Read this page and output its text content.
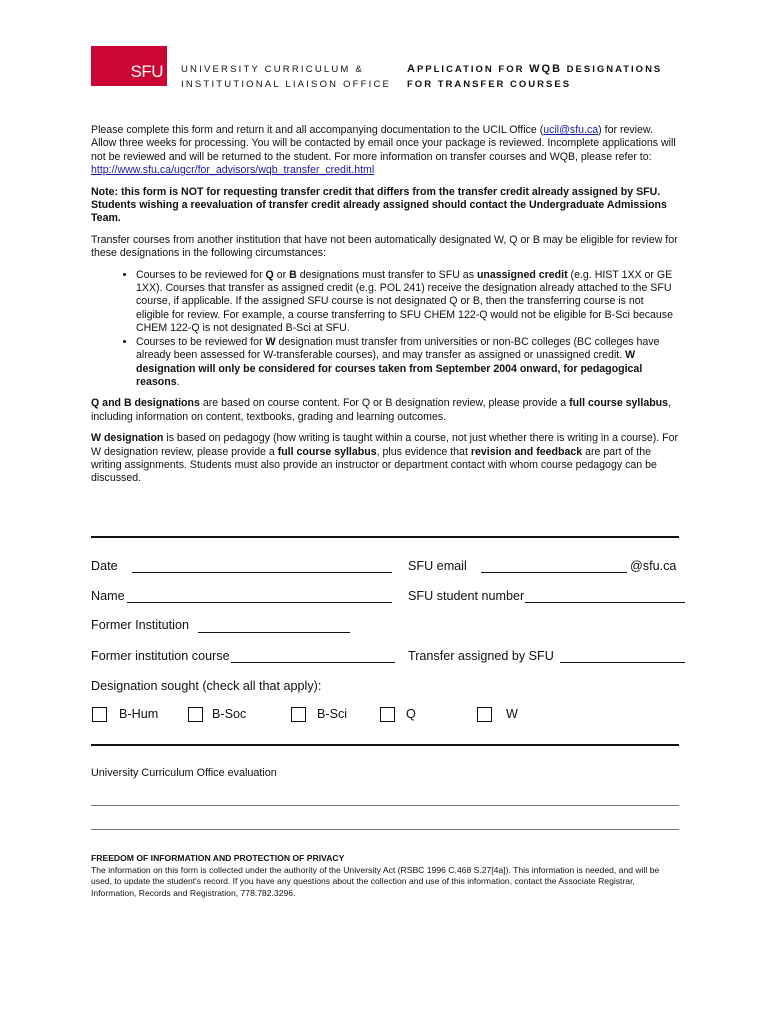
SFU UNIVERSITY CURRICULUM &
INSTITUTIONAL LIAISON OFFICE
APPLICATION FOR WQB DESIGNATIONS
FOR TRANSFER COURSES

Please complete this form and return it and all accompanying documentation to the UCIL Office (ucil@sfu.ca) for review. Allow three weeks for processing. You will be contacted by email once your package is reviewed. Incomplete applications will not be reviewed and will be returned to the student. For more information on transfer courses and WQB, please refer to: http://www.sfu.ca/ugcr/for_advisors/wqb_transfer_credit.html

Note: this form is NOT for requesting transfer credit that differs from the transfer credit already assigned by SFU. Students wishing a reevaluation of transfer credit already assigned should contact the Undergraduate Admissions Team.

Transfer courses from another institution that have not been automatically designated W, Q or B may be eligible for review for these designations in the following circumstances:

• Courses to be reviewed for Q or B designations must transfer to SFU as unassigned credit (e.g. HIST 1XX or GE 1XX). Courses that transfer as assigned credit (e.g. POL 241) receive the designation already attached to the SFU course, if applicable. If the assigned SFU course is not designated Q or B, then the transferring course is not eligible for review. For example, a course transferring to SFU CHEM 122-Q would not be eligible for B-Sci because CHEM 122-Q is not designated B-Sci at SFU.
• Courses to be reviewed for W designation must transfer from universities or non-BC colleges (BC colleges have already been assessed for W-transferable courses), and may transfer as assigned or unassigned credit. W designation will only be considered for courses taken from September 2004 onward, for pedagogical reasons.

Q and B designations are based on course content. For Q or B designation review, please provide a full course syllabus, including information on content, textbooks, grading and learning outcomes.

W designation is based on pedagogy (how writing is taught within a course, not just whether there is writing in a course). For W designation review, please provide a full course syllabus, plus evidence that revision and feedback are part of the writing assignments. Students must also provide an instructor or department contact with whom course pedagogy can be discussed.

Date	SFU email	@sfu.ca
Name	SFU student number
Former Institution
Former institution course	Transfer assigned by SFU
Designation sought (check all that apply):
B-Hum	B-Soc	B-Sci	Q	W
University Curriculum Office evaluation
FREEDOM OF INFORMATION AND PROTECTION OF PRIVACY
The information on this form is collected under the authority of the University Act (RSBC 1996 C.468 S.27[4a]). This information is needed, and will be used, to update the student's record. If you have any questions about the collection and use of this information, contact the Associate Registrar, Information, Records and Registration, 778.782.3296.
